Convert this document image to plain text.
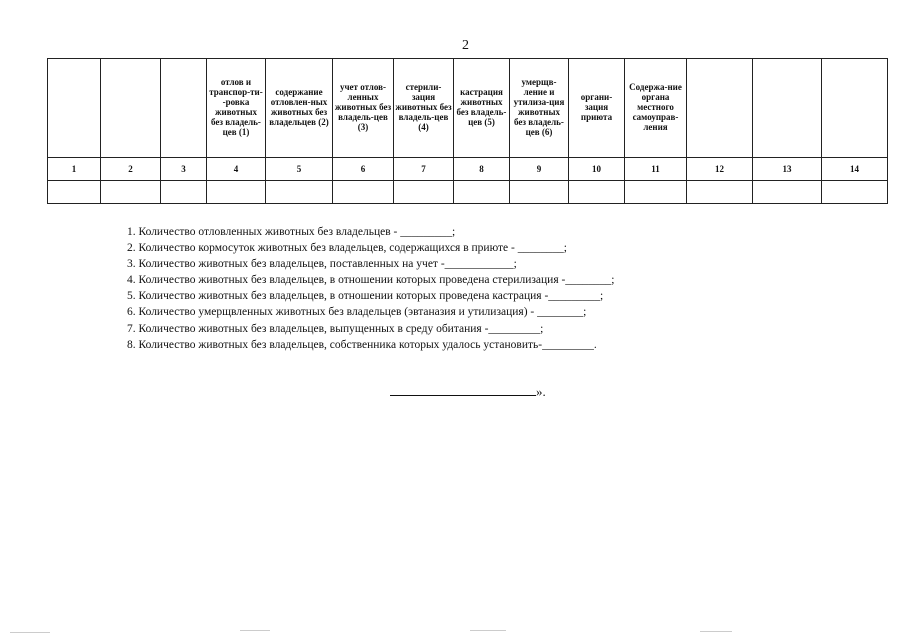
2
			отлов и транспор-ти--ровка животных без владель-цев (1)	содержание отловлен-ных животных без владельцев (2)	учет отлов-ленных животных без владель-цев (3)	стерили-зация животных без владель-цев (4)	кастрация животных без владель-цев (5)	умерщв-ление и утилиза-ция животных без владель-цев (6)	органи-зация приюта	Содержа-ние органа местного самоуправ-ления			
1	2	3	4	5	6	7	8	9	10	11	12	13	14

1. Количество отловленных животных без владельцев - _________;
2. Количество кормосуток животных без владельцев, содержащихся в приюте - ________;
3. Количество животных без владельцев, поставленных на учет -____________;
4. Количество животных без владельцев, в отношении которых проведена стерилизация -________;
5. Количество животных без владельцев, в отношении которых проведена кастрация -_________;
6. Количество умерщвленных животных без владельцев (эвтаназия и утилизация) - ________;
7. Количество животных без владельцев, выпущенных в среду обитания -_________;
8. Количество животных без владельцев, собственника которых удалось установить-_________.
».
